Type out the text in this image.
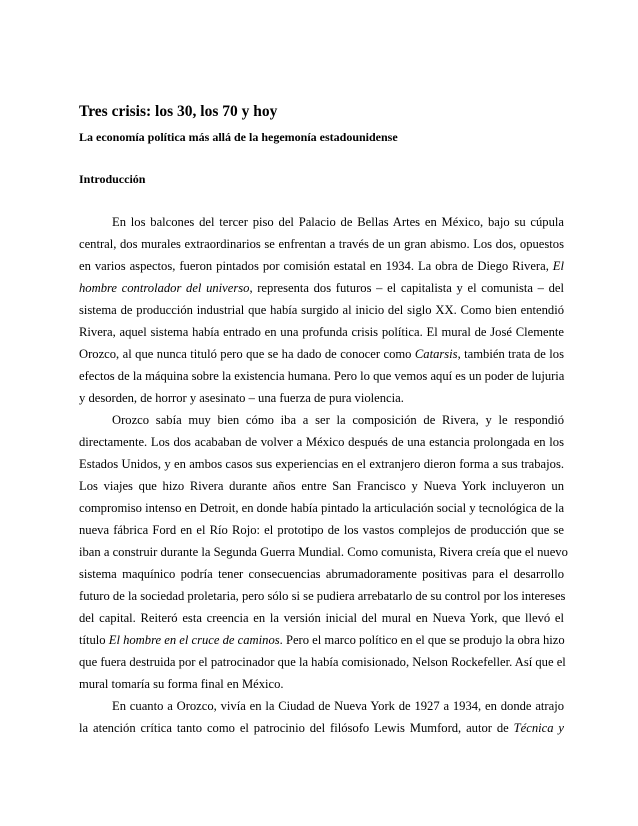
Tres crisis: los 30, los 70 y hoy
La economía política más allá de la hegemonía estadounidense
Introducción
En los balcones del tercer piso del Palacio de Bellas Artes en México, bajo su cúpula
central, dos murales extraordinarios se enfrentan a través de un gran abismo. Los dos, opuestos
en varios aspectos, fueron pintados por comisión estatal en 1934. La obra de Diego Rivera, El
hombre controlador del universo, representa dos futuros – el capitalista y el comunista – del
sistema de producción industrial que había surgido al inicio del siglo XX. Como bien entendió
Rivera, aquel sistema había entrado en una profunda crisis política. El mural de José Clemente
Orozco, al que nunca tituló pero que se ha dado de conocer como Catarsis, también trata de los
efectos de la máquina sobre la existencia humana. Pero lo que vemos aquí es un poder de lujuria
y desorden, de horror y asesinato – una fuerza de pura violencia.
Orozco sabía muy bien cómo iba a ser la composición de Rivera, y le respondió
directamente. Los dos acababan de volver a México después de una estancia prolongada en los
Estados Unidos, y en ambos casos sus experiencias en el extranjero dieron forma a sus trabajos.
Los viajes que hizo Rivera durante años entre San Francisco y Nueva York incluyeron un
compromiso intenso en Detroit, en donde había pintado la articulación social y tecnológica de la
nueva fábrica Ford en el Río Rojo: el prototipo de los vastos complejos de producción que se
iban a construir durante la Segunda Guerra Mundial. Como comunista, Rivera creía que el nuevo
sistema maquínico podría tener consecuencias abrumadoramente positivas para el desarrollo
futuro de la sociedad proletaria, pero sólo si se pudiera arrebatarlo de su control por los intereses
del capital. Reiteró esta creencia en la versión inicial del mural en Nueva York, que llevó el
título El hombre en el cruce de caminos. Pero el marco político en el que se produjo la obra hizo
que fuera destruida por el patrocinador que la había comisionado, Nelson Rockefeller. Así que el
mural tomaría su forma final en México.
En cuanto a Orozco, vivía en la Ciudad de Nueva York de 1927 a 1934, en donde atrajo
la atención crítica tanto como el patrocinio del filósofo Lewis Mumford, autor de Técnica y
